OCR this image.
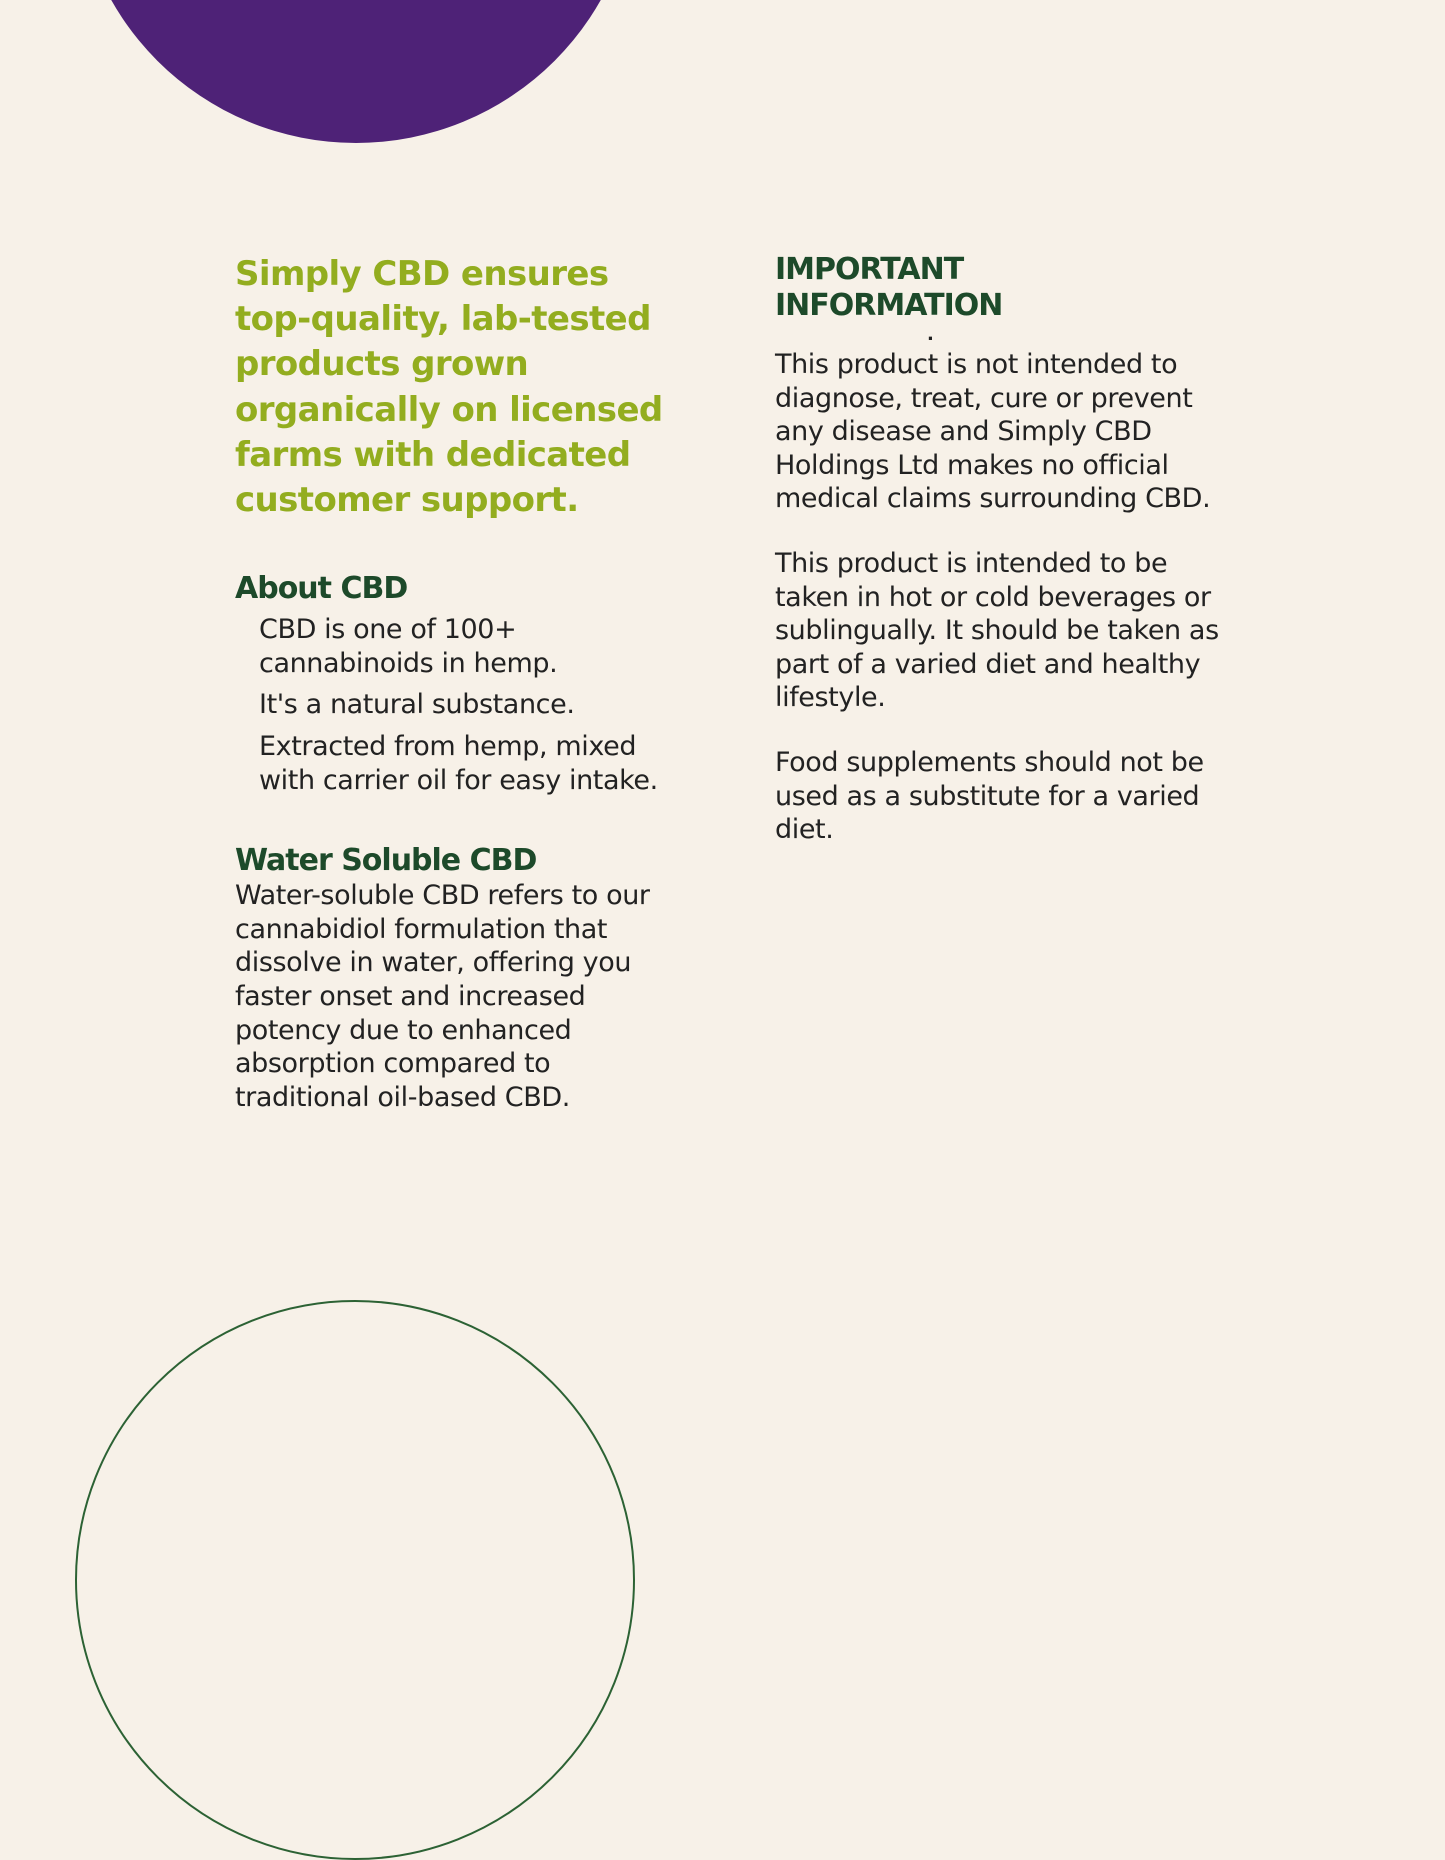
Simply CBD ensures top-quality, lab-tested products grown organically on licensed farms with dedicated customer support.
About CBD
CBD is one of 100+ cannabinoids in hemp.
It's a natural substance.
Extracted from hemp, mixed with carrier oil for easy intake.
Water Soluble CBD

Water-soluble CBD refers to our cannabidiol formulation that dissolve in water, offering you faster onset and increased potency due to enhanced absorption compared to traditional oil-based CBD.

IMPORTANT INFORMATION
.

This product is not intended to diagnose, treat, cure or prevent any disease and Simply CBD Holdings Ltd makes no official medical claims surrounding CBD.

This product is intended to be taken in hot or cold beverages or sublingually. It should be taken as part of a varied diet and healthy lifestyle.

Food supplements should not be used as a substitute for a varied diet.
